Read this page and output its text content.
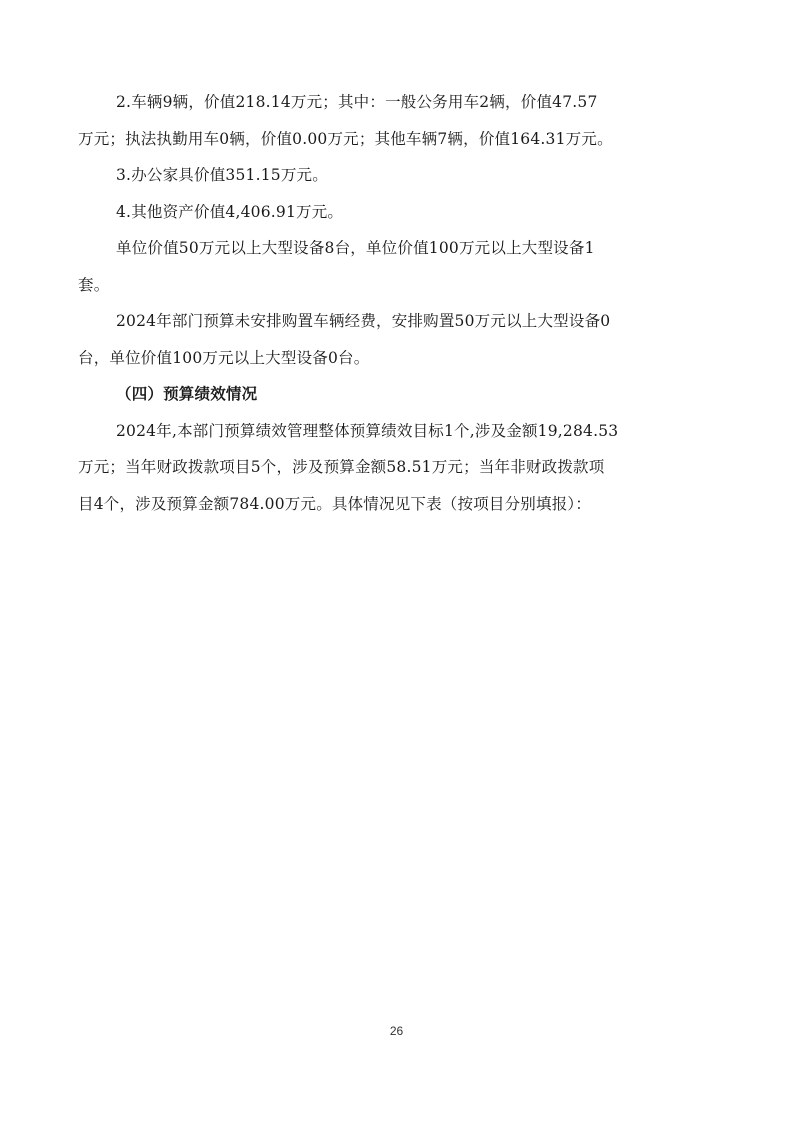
2.车辆9辆，价值218.14万元；其中：一般公务用车2辆，价值47.57
万元；执法执勤用车0辆，价值0.00万元；其他车辆7辆，价值164.31万元。
3.办公家具价值351.15万元。
4.其他资产价值4,406.91万元。
单位价值50万元以上大型设备8台，单位价值100万元以上大型设备1
套。
2024年部门预算未安排购置车辆经费，安排购置50万元以上大型设备0
台，单位价值100万元以上大型设备0台。
（四）预算绩效情况
2024年,本部门预算绩效管理整体预算绩效目标1个,涉及金额19,284.53
万元；当年财政拨款项目5个，涉及预算金额58.51万元；当年非财政拨款项
目4个，涉及预算金额784.00万元。具体情况见下表（按项目分别填报）：
26
